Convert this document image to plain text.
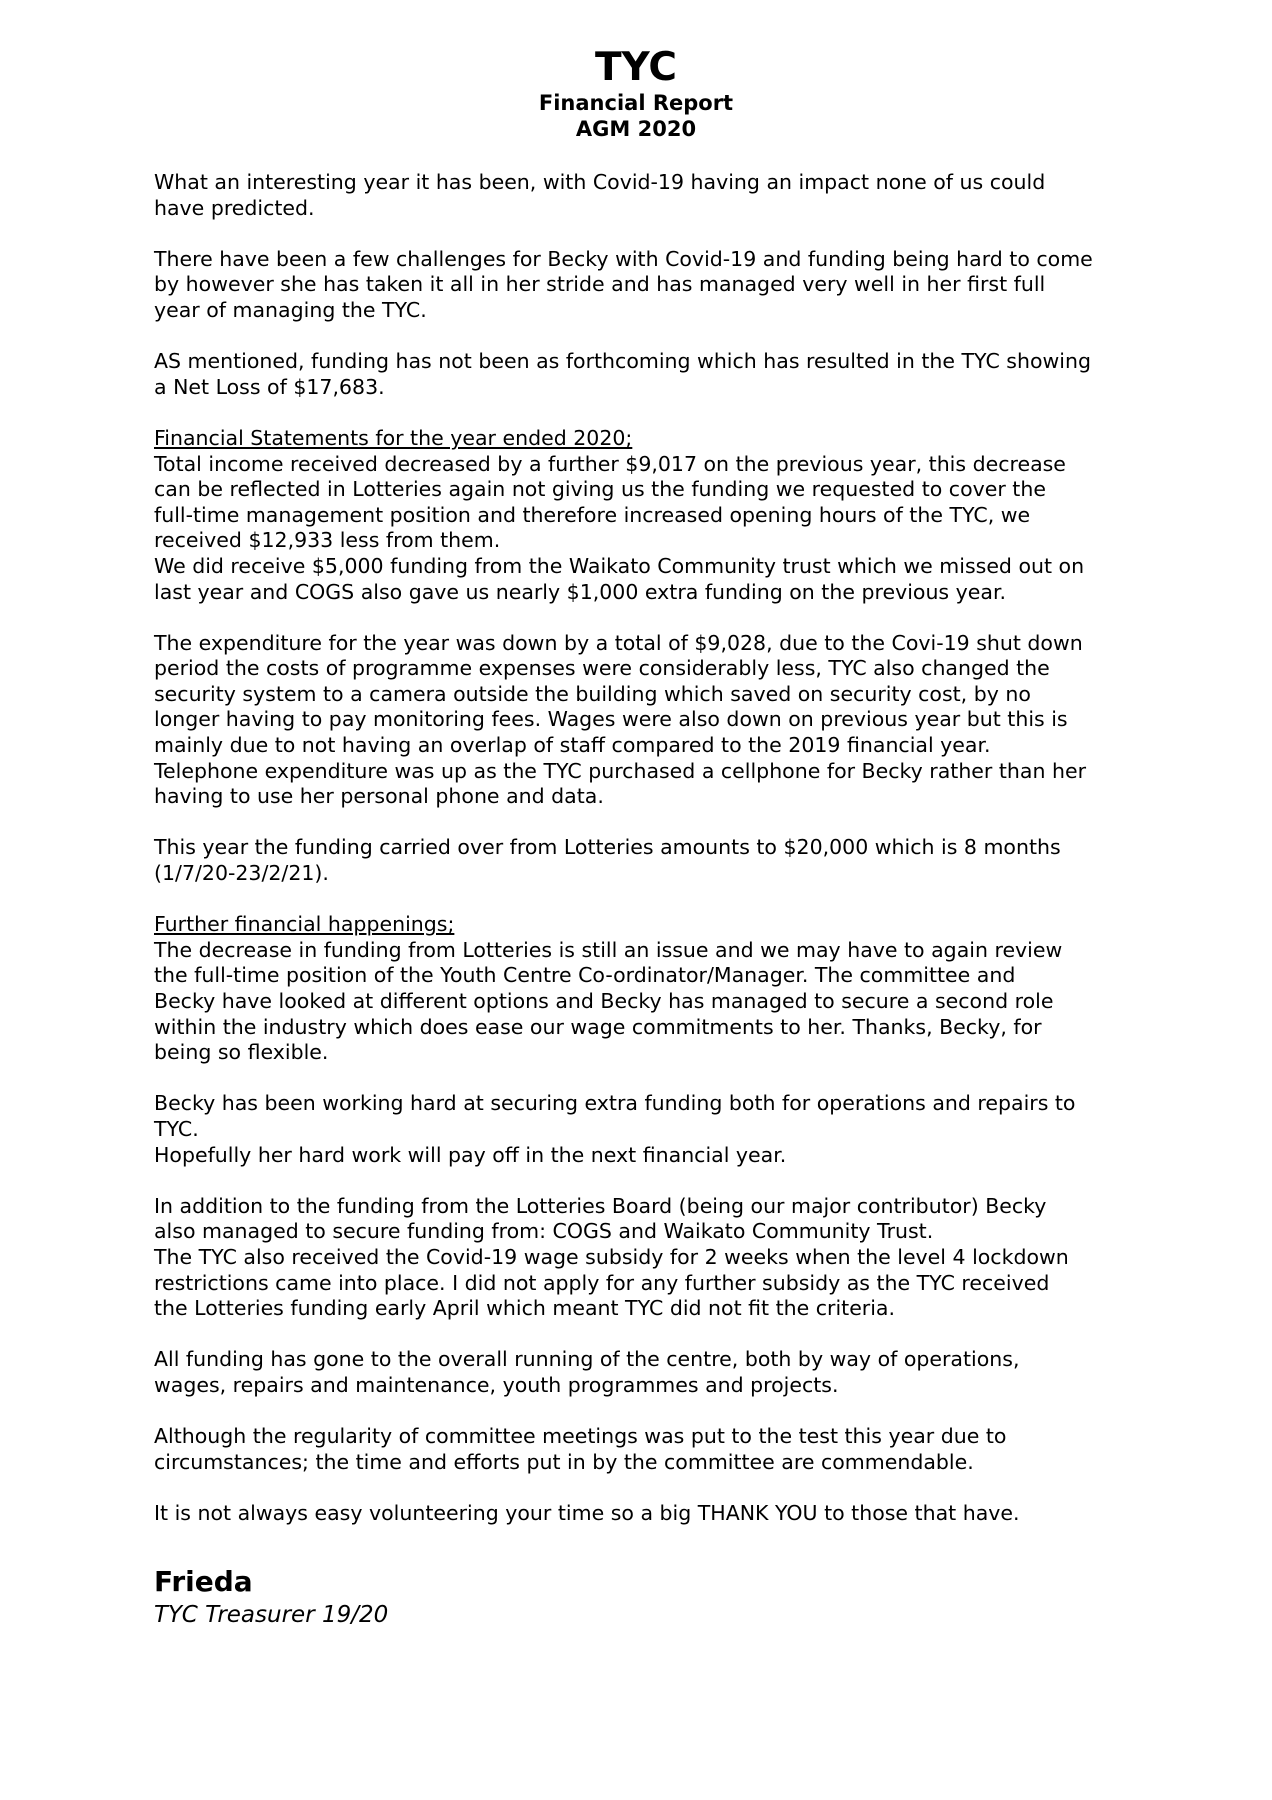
TYC
Financial Report
AGM 2020
What an interesting year it has been, with Covid-19 having an impact none of us could
have predicted.
There have been a few challenges for Becky with Covid-19 and funding being hard to come
by however she has taken it all in her stride and has managed very well in her first full
year of managing the TYC.
AS mentioned, funding has not been as forthcoming which has resulted in the TYC showing
a Net Loss of $17,683.
Financial Statements for the year ended 2020;
Total income received decreased by a further $9,017 on the previous year, this decrease
can be reflected in Lotteries again not giving us the funding we requested to cover the
full-time management position and therefore increased opening hours of the TYC, we
received $12,933 less from them.
We did receive $5,000 funding from the Waikato Community trust which we missed out on
last year and COGS also gave us nearly $1,000 extra funding on the previous year.
The expenditure for the year was down by a total of $9,028, due to the Covi-19 shut down
period the costs of programme expenses were considerably less, TYC also changed the
security system to a camera outside the building which saved on security cost, by no
longer having to pay monitoring fees. Wages were also down on previous year but this is
mainly due to not having an overlap of staff compared to the 2019 financial year.
Telephone expenditure was up as the TYC purchased a cellphone for Becky rather than her
having to use her personal phone and data.
This year the funding carried over from Lotteries amounts to $20,000 which is 8 months
(1/7/20-23/2/21).
Further financial happenings;
The decrease in funding from Lotteries is still an issue and we may have to again review
the full-time position of the Youth Centre Co-ordinator/Manager. The committee and
Becky have looked at different options and Becky has managed to secure a second role
within the industry which does ease our wage commitments to her. Thanks, Becky, for
being so flexible.
Becky has been working hard at securing extra funding both for operations and repairs to
TYC.
Hopefully her hard work will pay off in the next financial year.
In addition to the funding from the Lotteries Board (being our major contributor) Becky
also managed to secure funding from: COGS and Waikato Community Trust.
The TYC also received the Covid-19 wage subsidy for 2 weeks when the level 4 lockdown
restrictions came into place. I did not apply for any further subsidy as the TYC received
the Lotteries funding early April which meant TYC did not fit the criteria.
All funding has gone to the overall running of the centre, both by way of operations,
wages, repairs and maintenance, youth programmes and projects.
Although the regularity of committee meetings was put to the test this year due to
circumstances; the time and efforts put in by the committee are commendable.
It is not always easy volunteering your time so a big THANK YOU to those that have.
Frieda
TYC Treasurer 19/20
